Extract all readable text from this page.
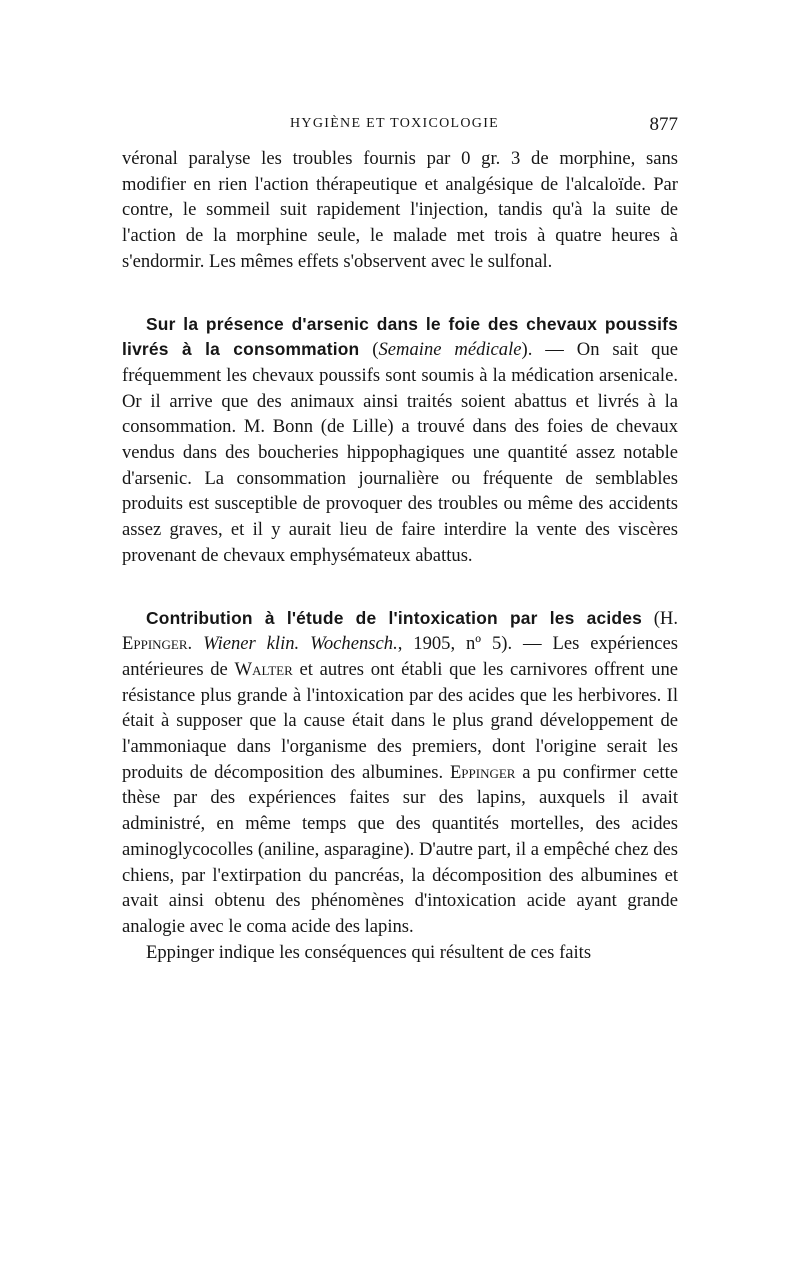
HYGIÈNE ET TOXICOLOGIE	877

véronal paralyse les troubles fournis par 0 gr. 3 de morphine, sans modifier en rien l'action thérapeutique et analgésique de l'alcaloïde. Par contre, le sommeil suit rapidement l'injection, tandis qu'à la suite de l'action de la morphine seule, le malade met trois à quatre heures à s'endormir. Les mêmes effets s'observent avec le sulfonal.

Sur la présence d'arsenic dans le foie des chevaux poussifs livrés à la consommation (Semaine médicale). — On sait que fréquemment les chevaux poussifs sont soumis à la médication arsenicale. Or il arrive que des animaux ainsi traités soient abattus et livrés à la consommation. M. Bonn (de Lille) a trouvé dans des foies de chevaux vendus dans des boucheries hippophagiques une quantité assez notable d'arsenic. La consommation journalière ou fréquente de semblables produits est susceptible de provoquer des troubles ou même des accidents assez graves, et il y aurait lieu de faire interdire la vente des viscères provenant de chevaux emphysémateux abattus.

Contribution à l'étude de l'intoxication par les acides (H. Eppinger. Wiener klin. Wochensch., 1905, nº 5). — Les expériences antérieures de Walter et autres ont établi que les carnivores offrent une résistance plus grande à l'intoxication par des acides que les herbivores. Il était à supposer que la cause était dans le plus grand développement de l'ammoniaque dans l'organisme des premiers, dont l'origine serait les produits de décomposition des albumines. Eppinger a pu confirmer cette thèse par des expériences faites sur des lapins, auxquels il avait administré, en même temps que des quantités mortelles, des acides aminoglycocolles (aniline, asparagine). D'autre part, il a empêché chez des chiens, par l'extirpation du pancréas, la décomposition des albumines et avait ainsi obtenu des phénomènes d'intoxication acide ayant grande analogie avec le coma acide des lapins.

Eppinger indique les conséquences qui résultent de ces faits
